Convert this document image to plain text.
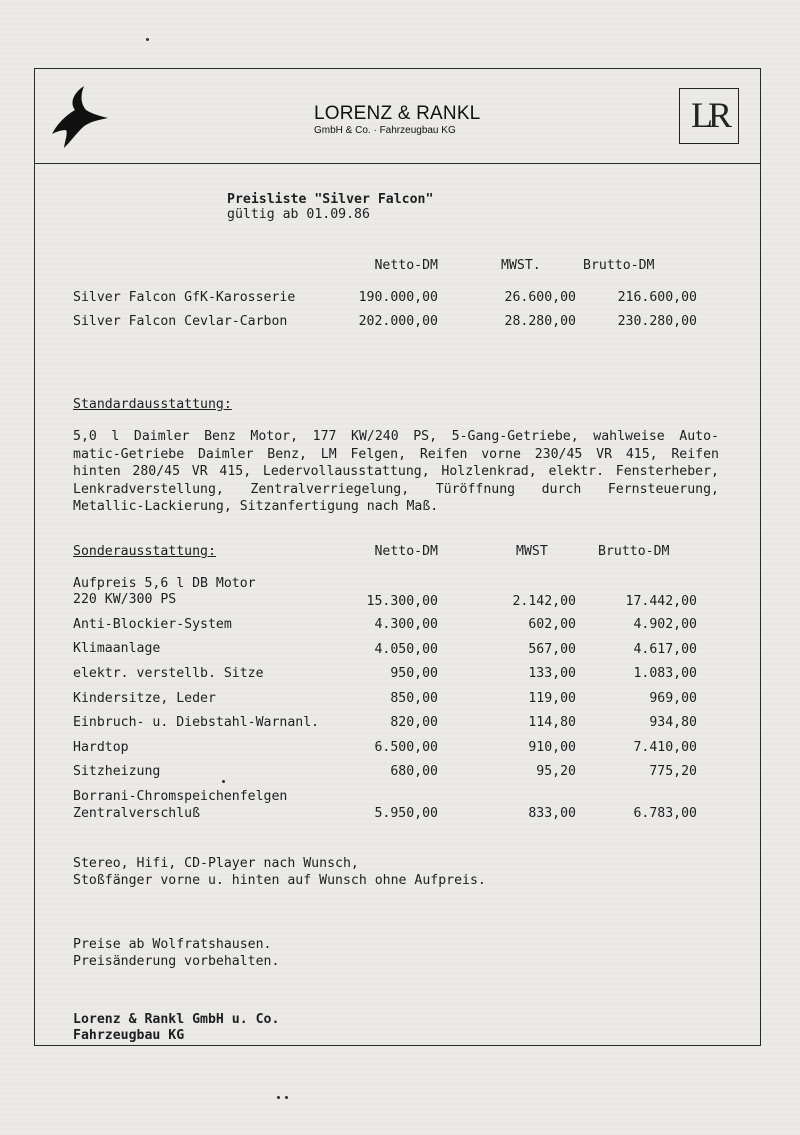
LORENZ & RANKL
GmbH & Co. · Fahrzeugbau KG	LR
Preisliste "Silver Falcon"
gültig ab 01.09.86
Netto-DM	MWST.	Brutto-DM
Silver Falcon GfK-Karosserie	190.000,00	26.600,00	216.600,00
Silver Falcon Cevlar-Carbon	202.000,00	28.280,00	230.280,00
Standardausstattung:
5,0 l Daimler Benz Motor, 177 KW/240 PS, 5-Gang-Getriebe, wahlweise Auto-
matic-Getriebe Daimler Benz, LM Felgen, Reifen vorne 230/45 VR 415, Reifen
hinten 280/45 VR 415, Ledervollausstattung, Holzlenkrad, elektr. Fensterheber,
Lenkradverstellung, Zentralverriegelung, Türöffnung durch Fernsteuerung,
Metallic-Lackierung, Sitzanfertigung nach Maß.
Sonderausstattung:	Netto-DM	MWST	Brutto-DM
Aufpreis 5,6 l DB Motor
220 KW/300 PS	15.300,00	2.142,00	17.442,00
Anti-Blockier-System	4.300,00	602,00	4.902,00
Klimaanlage	4.050,00	567,00	4.617,00
elektr. verstellb. Sitze	950,00	133,00	1.083,00
Kindersitze, Leder	850,00	119,00	969,00
Einbruch- u. Diebstahl-Warnanl.	820,00	114,80	934,80
Hardtop	6.500,00	910,00	7.410,00
Sitzheizung	680,00	95,20	775,20
Borrani-Chromspeichenfelgen
Zentralverschluß	5.950,00	833,00	6.783,00
Stereo, Hifi, CD-Player nach Wunsch,
Stoßfänger vorne u. hinten auf Wunsch ohne Aufpreis.
Preise ab Wolfratshausen.
Preisänderung vorbehalten.
Lorenz & Rankl GmbH u. Co.
Fahrzeugbau KG
